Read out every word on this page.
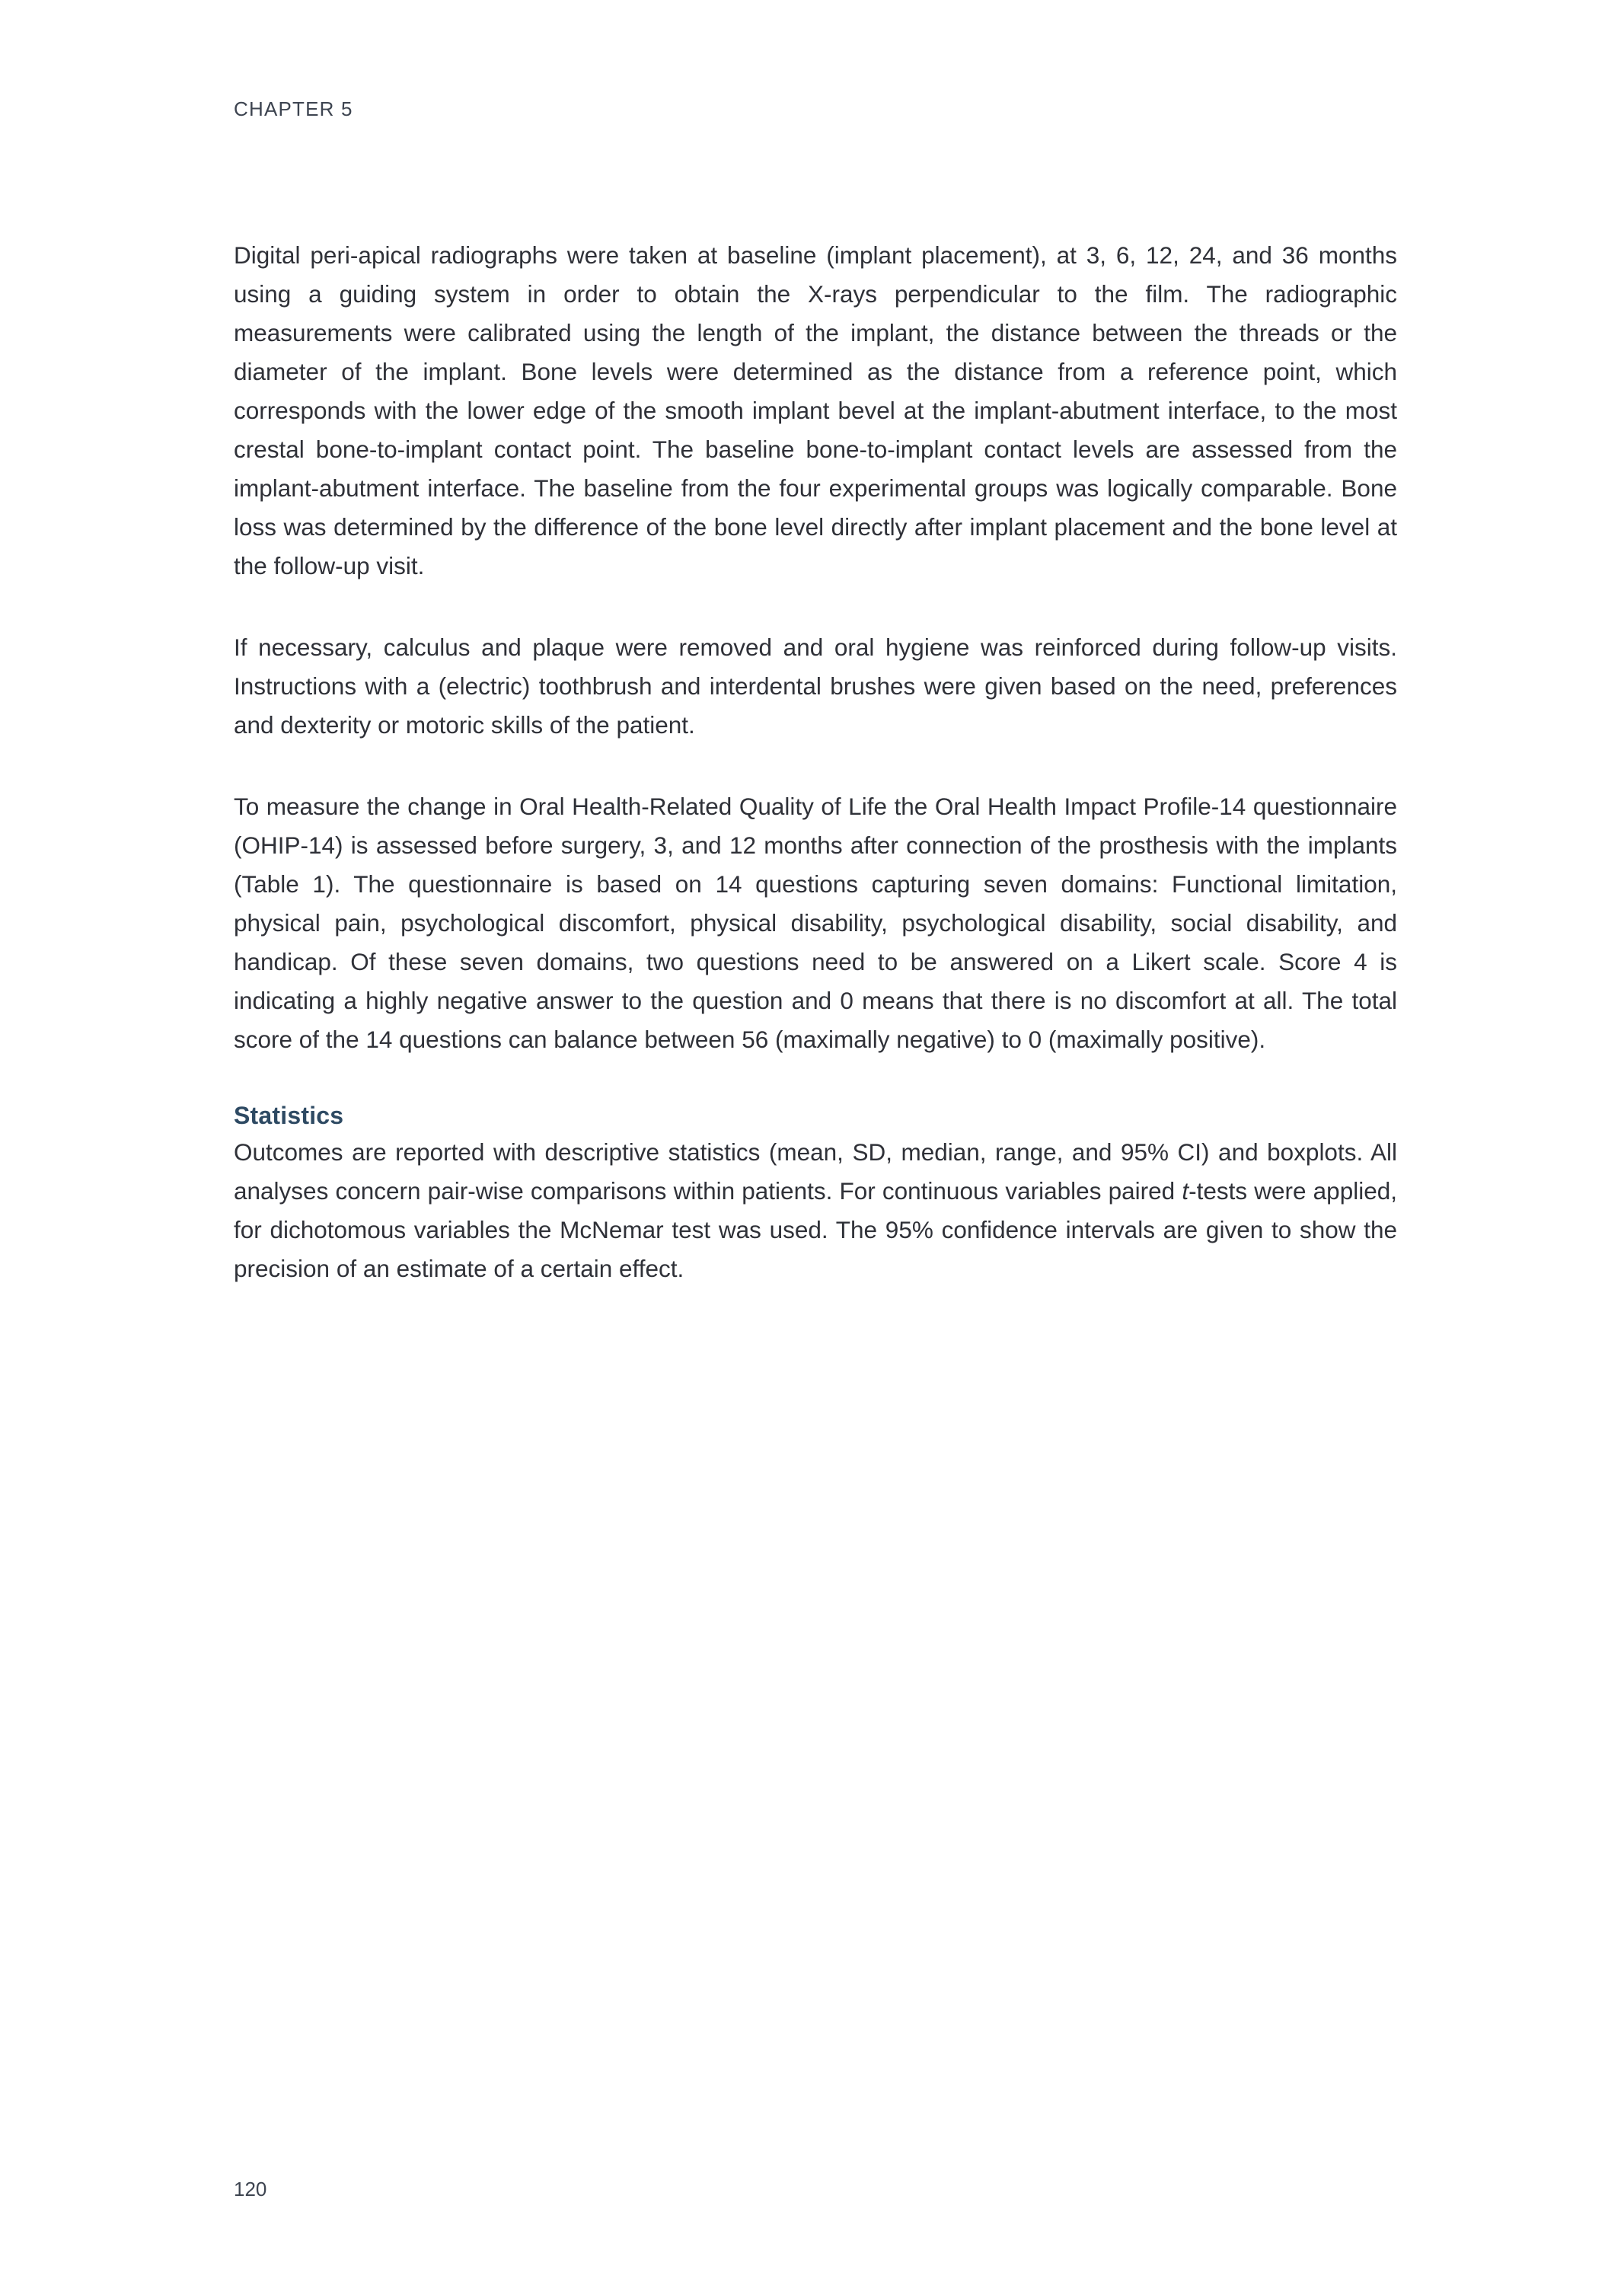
CHAPTER 5

Digital peri-apical radiographs were taken at baseline (implant placement), at 3, 6, 12, 24, and 36 months using a guiding system in order to obtain the X-rays perpendicular to the film. The radiographic measurements were calibrated using the length of the implant, the distance between the threads or the diameter of the implant. Bone levels were determined as the distance from a reference point, which corresponds with the lower edge of the smooth implant bevel at the implant-abutment interface, to the most crestal bone-to-implant contact point. The baseline bone-to-implant contact levels are assessed from the implant-abutment interface. The baseline from the four experimental groups was logically comparable. Bone loss was determined by the difference of the bone level directly after implant placement and the bone level at the follow-up visit.

If necessary, calculus and plaque were removed and oral hygiene was reinforced during follow-up visits. Instructions with a (electric) toothbrush and interdental brushes were given based on the need, preferences and dexterity or motoric skills of the patient.

To measure the change in Oral Health-Related Quality of Life the Oral Health Impact Profile-14 questionnaire (OHIP-14) is assessed before surgery, 3, and 12 months after connection of the prosthesis with the implants (Table 1). The questionnaire is based on 14 questions capturing seven domains: Functional limitation, physical pain, psychological discomfort, physical disability, psychological disability, social disability, and handicap. Of these seven domains, two questions need to be answered on a Likert scale. Score 4 is indicating a highly negative answer to the question and 0 means that there is no discomfort at all. The total score of the 14 questions can balance between 56 (maximally negative) to 0 (maximally positive).

Statistics

Outcomes are reported with descriptive statistics (mean, SD, median, range, and 95% CI) and boxplots. All analyses concern pair-wise comparisons within patients. For continuous variables paired t-tests were applied, for dichotomous variables the McNemar test was used. The 95% confidence intervals are given to show the precision of an estimate of a certain effect.

120
